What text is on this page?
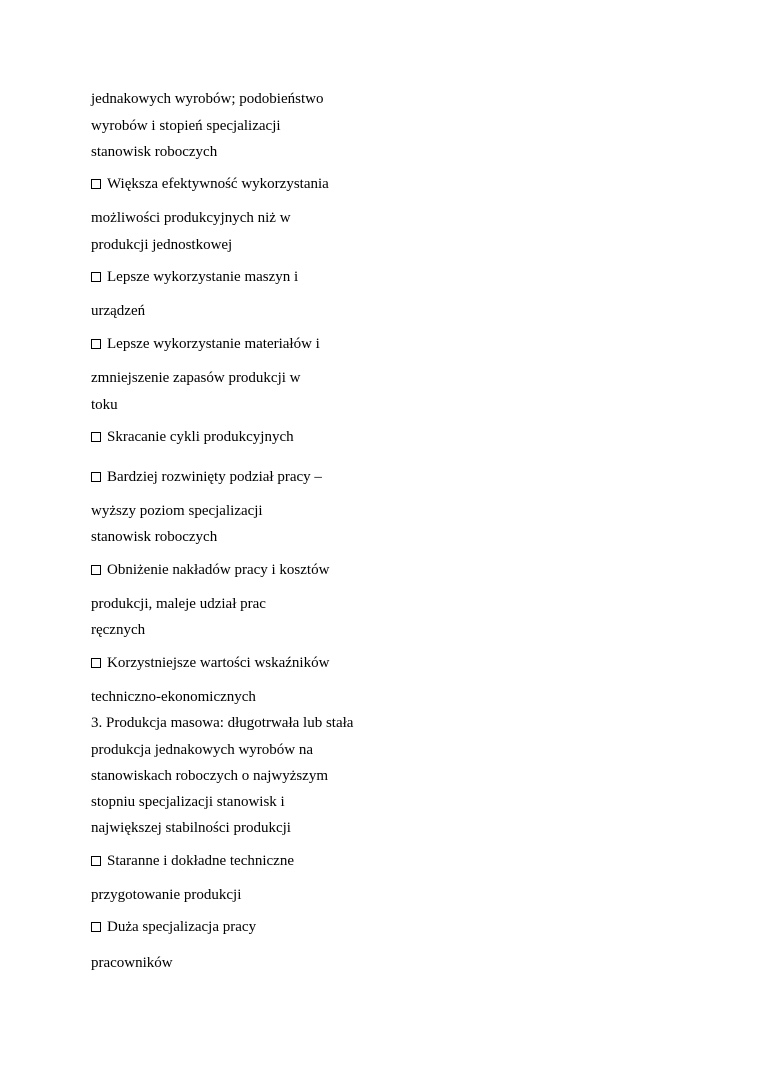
jednakowych wyrobów; podobieństwo
wyrobów i stopień specjalizacji
stanowisk roboczych
Większa efektywność wykorzystania
możliwości produkcyjnych niż w
produkcji jednostkowej
Lepsze wykorzystanie maszyn i
urządzeń
Lepsze wykorzystanie materiałów i
zmniejszenie zapasów produkcji w
toku
Skracanie cykli produkcyjnych
Bardziej rozwinięty podział pracy –
wyższy poziom specjalizacji
stanowisk roboczych
Obniżenie nakładów pracy i kosztów
produkcji, maleje udział prac
ręcznych
Korzystniejsze wartości wskaźników
techniczno-ekonomicznych
3. Produkcja masowa: długotrwała lub stała
produkcja jednakowych wyrobów na
stanowiskach roboczych o najwyższym
stopniu specjalizacji stanowisk i
największej stabilności produkcji
Staranne i dokładne techniczne
przygotowanie produkcji
Duża specjalizacja pracy
pracowników
